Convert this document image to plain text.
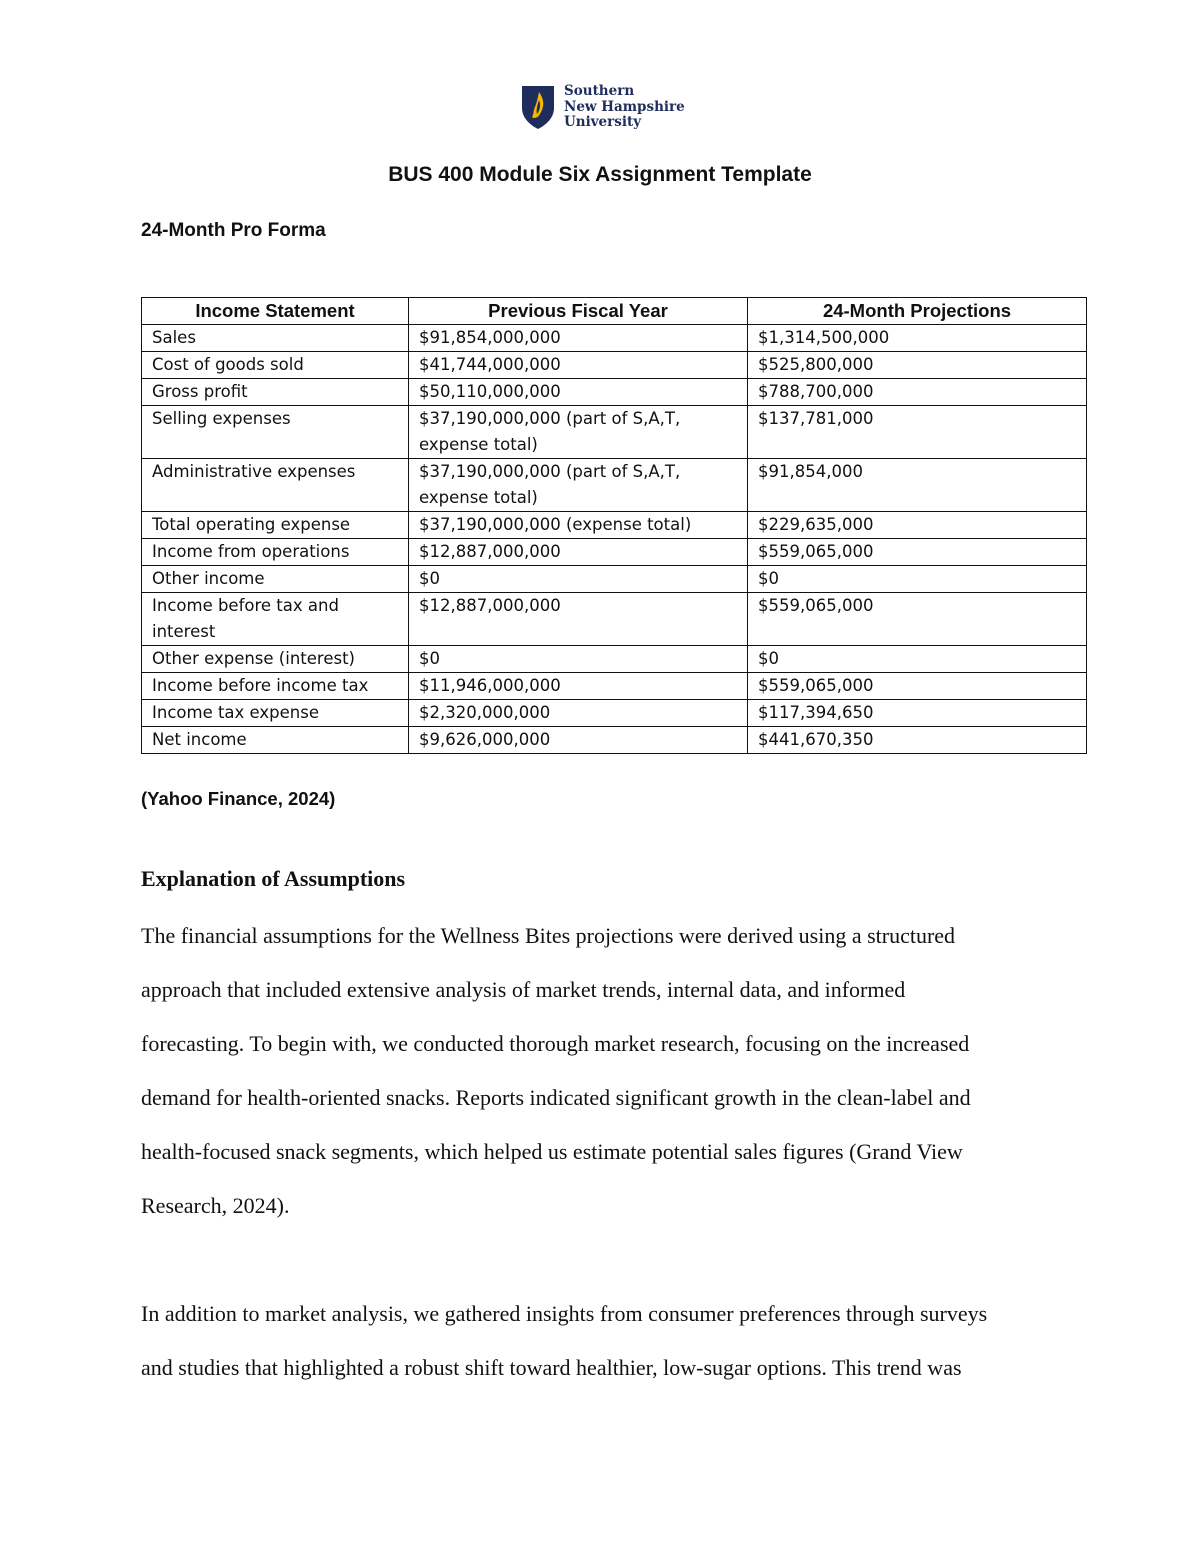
Southern
New Hampshire
University
BUS 400 Module Six Assignment Template
24-Month Pro Forma
Income Statement	Previous Fiscal Year	24-Month Projections
Sales	$91,854,000,000	$1,314,500,000
Cost of goods sold	$41,744,000,000	$525,800,000
Gross profit	$50,110,000,000	$788,700,000
Selling expenses	$37,190,000,000 (part of S,A,T, expense total)	$137,781,000
Administrative expenses	$37,190,000,000 (part of S,A,T, expense total)	$91,854,000
Total operating expense	$37,190,000,000 (expense total)	$229,635,000
Income from operations	$12,887,000,000	$559,065,000
Other income	$0	$0
Income before tax and interest	$12,887,000,000	$559,065,000
Other expense (interest)	$0	$0
Income before income tax	$11,946,000,000	$559,065,000
Income tax expense	$2,320,000,000	$117,394,650
Net income	$9,626,000,000	$441,670,350

(Yahoo Finance, 2024)

Explanation of Assumptions

The financial assumptions for the Wellness Bites projections were derived using a structured
approach that included extensive analysis of market trends, internal data, and informed
forecasting. To begin with, we conducted thorough market research, focusing on the increased
demand for health-oriented snacks. Reports indicated significant growth in the clean-label and
health-focused snack segments, which helped us estimate potential sales figures (Grand View
Research, 2024).

In addition to market analysis, we gathered insights from consumer preferences through surveys
and studies that highlighted a robust shift toward healthier, low-sugar options. This trend was
